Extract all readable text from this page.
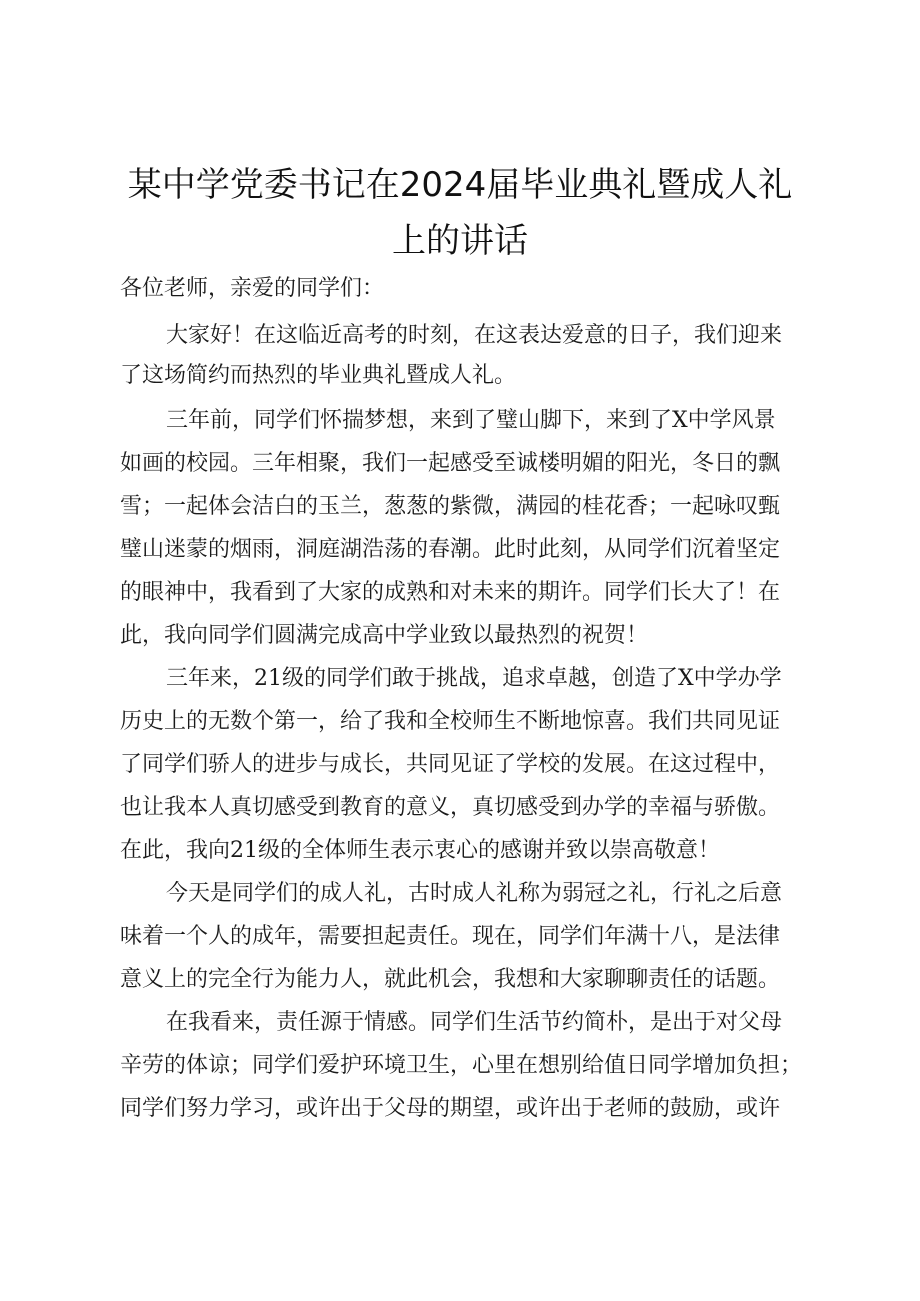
某中学党委书记在2024届毕业典礼暨成人礼
上的讲话

各位老师，亲爱的同学们：

大家好！在这临近高考的时刻，在这表达爱意的日子，我们迎来

了这场简约而热烈的毕业典礼暨成人礼。

三年前，同学们怀揣梦想，来到了璧山脚下，来到了X中学风景

如画的校园。三年相聚，我们一起感受至诚楼明媚的阳光，冬日的飘

雪；一起体会洁白的玉兰，葱葱的紫微，满园的桂花香；一起咏叹甄

璧山迷蒙的烟雨，洞庭湖浩荡的春潮。此时此刻，从同学们沉着坚定

的眼神中，我看到了大家的成熟和对未来的期许。同学们长大了！在

此，我向同学们圆满完成高中学业致以最热烈的祝贺！

三年来，21级的同学们敢于挑战，追求卓越，创造了X中学办学

历史上的无数个第一，给了我和全校师生不断地惊喜。我们共同见证

了同学们骄人的进步与成长，共同见证了学校的发展。在这过程中，

也让我本人真切感受到教育的意义，真切感受到办学的幸福与骄傲。

在此，我向21级的全体师生表示衷心的感谢并致以崇高敬意！

今天是同学们的成人礼，古时成人礼称为弱冠之礼，行礼之后意

味着一个人的成年，需要担起责任。现在，同学们年满十八，是法律

意义上的完全行为能力人，就此机会，我想和大家聊聊责任的话题。

在我看来，责任源于情感。同学们生活节约简朴，是出于对父母

辛劳的体谅；同学们爱护环境卫生，心里在想别给值日同学增加负担；

同学们努力学习，或许出于父母的期望，或许出于老师的鼓励，或许
